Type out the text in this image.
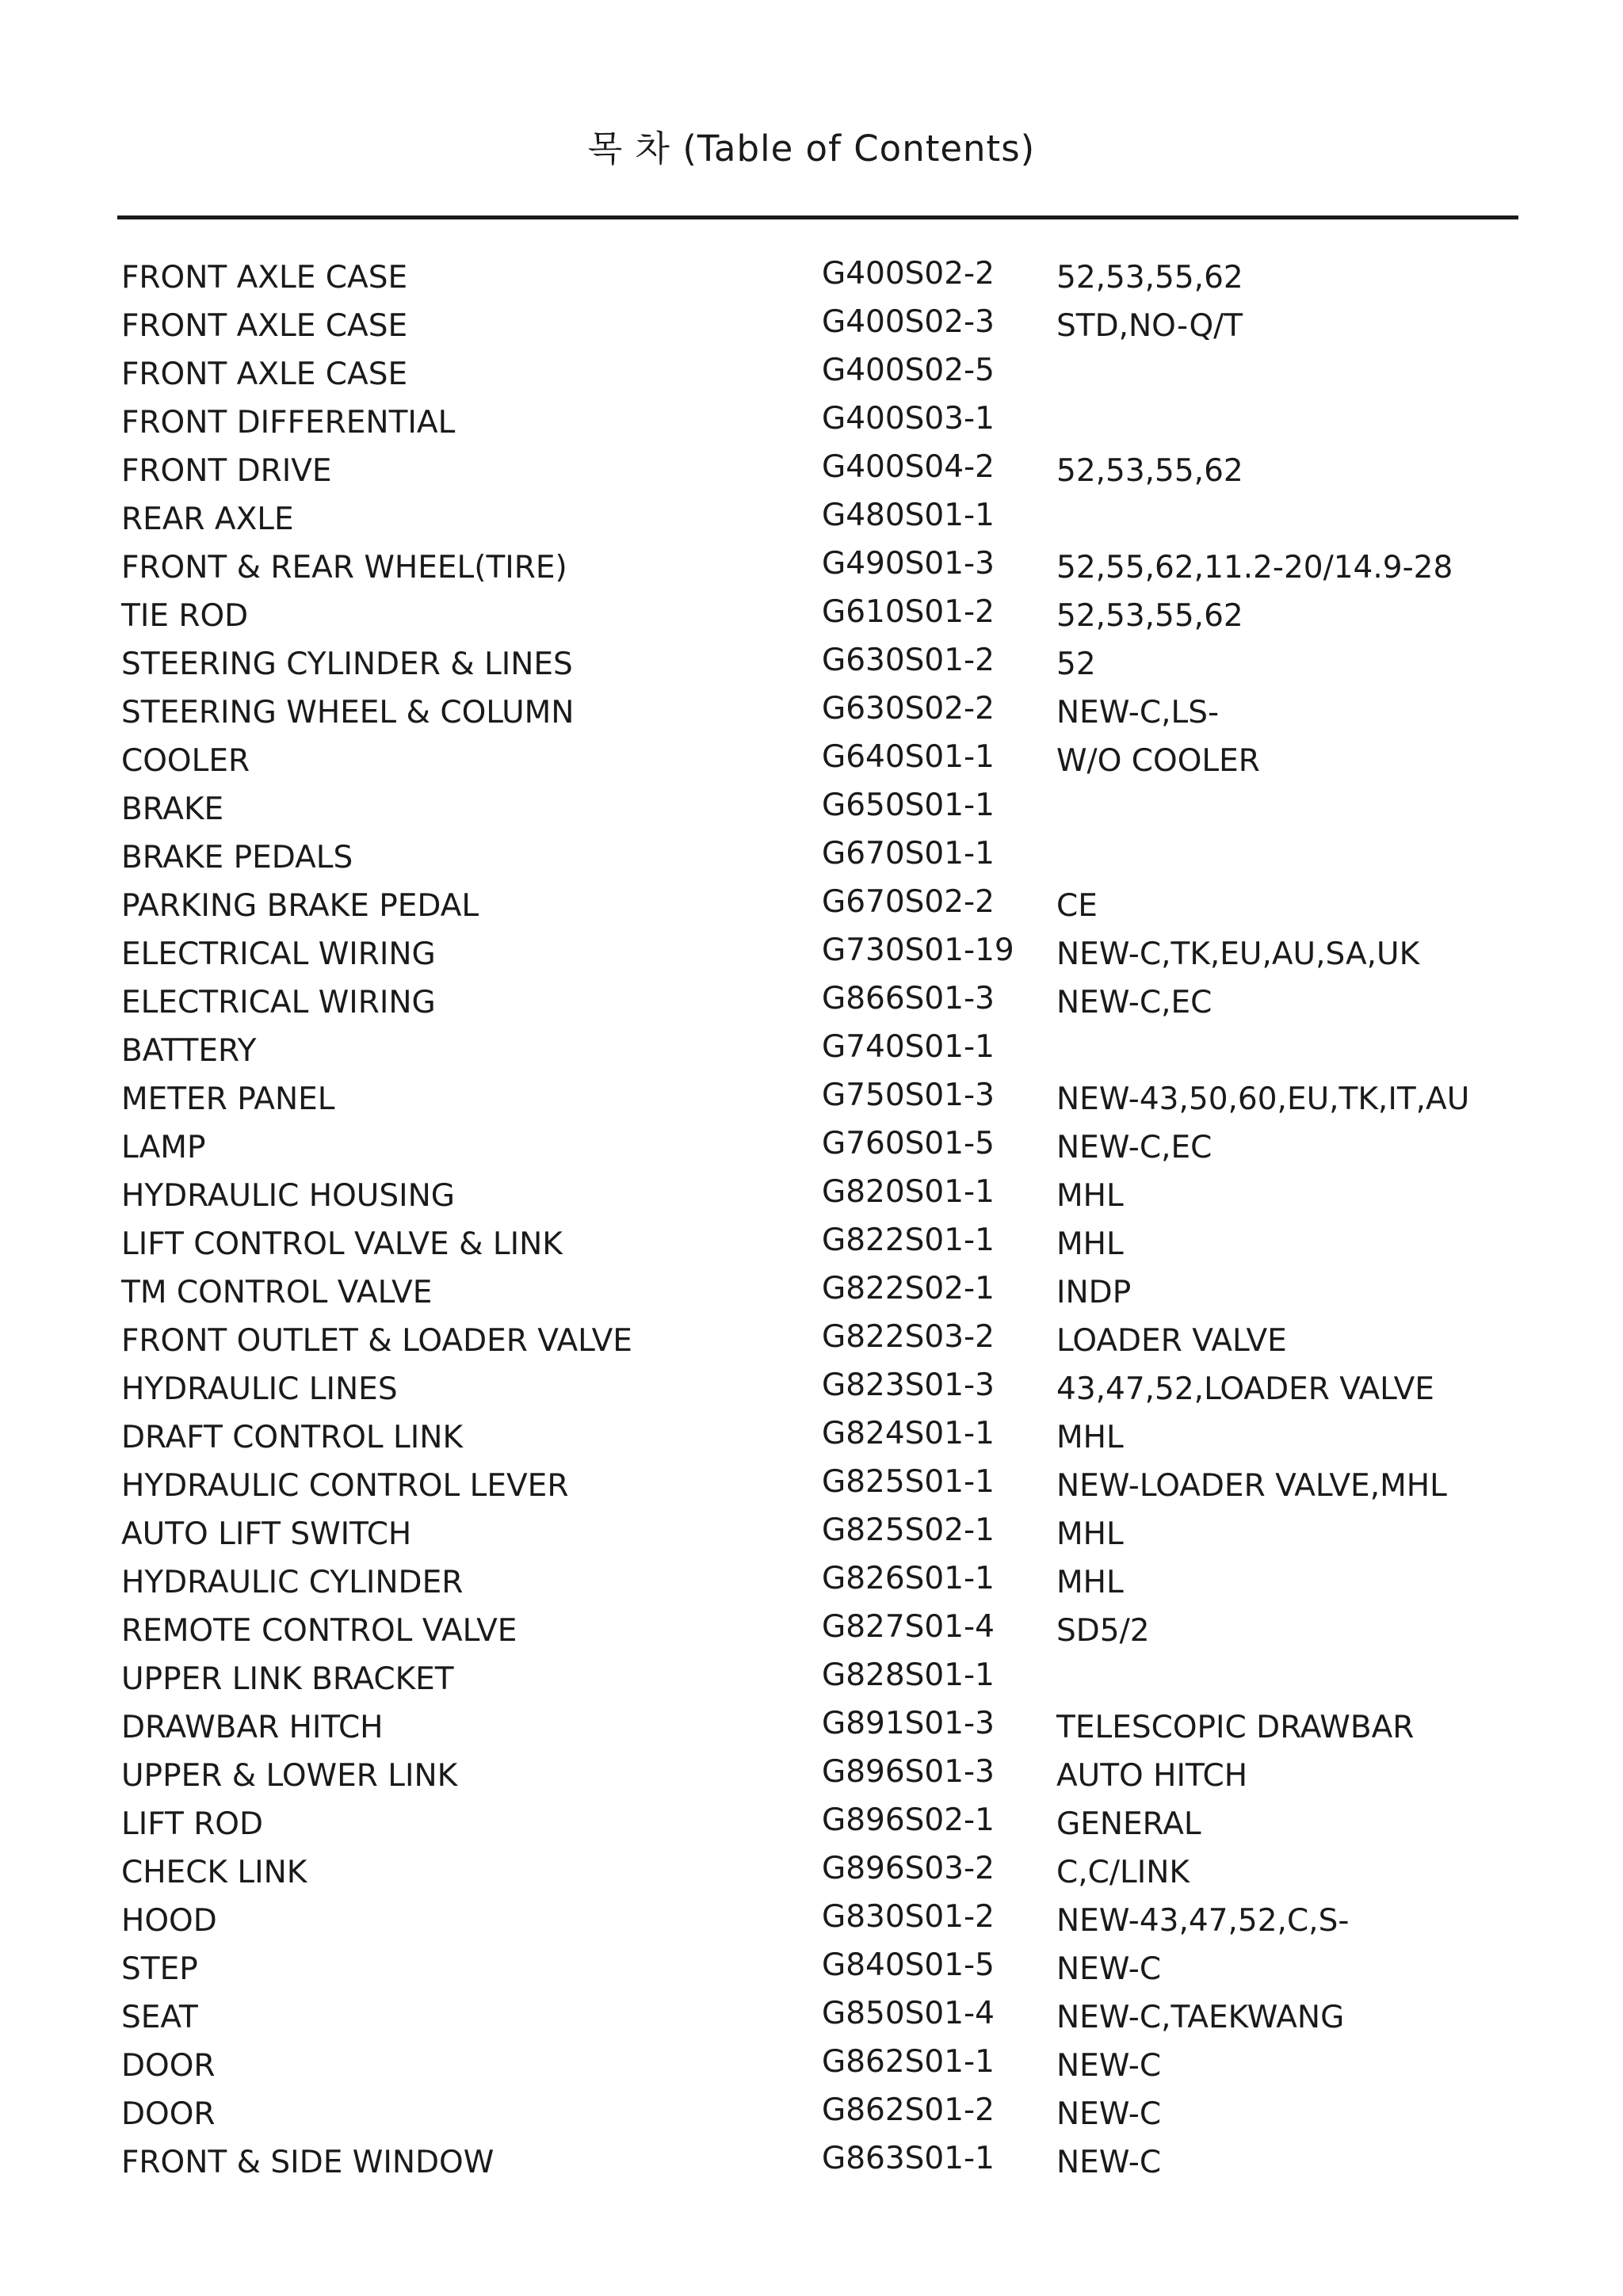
목 차 (Table of Contents)
FRONT AXLE CASE	G400S02-2 52,53,55,62
FRONT AXLE CASE	G400S02-3 STD,NO-Q/T
FRONT AXLE CASE	G400S02-5
FRONT DIFFERENTIAL	G400S03-1
FRONT DRIVE	G400S04-2 52,53,55,62
REAR AXLE	G480S01-1
FRONT & REAR WHEEL(TIRE)	G490S01-3 52,55,62,11.2-20/14.9-28
TIE ROD	G610S01-2 52,53,55,62
STEERING CYLINDER & LINES	G630S01-2 52
STEERING WHEEL & COLUMN	G630S02-2 NEW-C,LS-
COOLER	G640S01-1 W/O COOLER
BRAKE	G650S01-1
BRAKE PEDALS	G670S01-1
PARKING BRAKE PEDAL	G670S02-2 CE
ELECTRICAL WIRING	G730S01-19 NEW-C,TK,EU,AU,SA,UK
ELECTRICAL WIRING	G866S01-3 NEW-C,EC
BATTERY	G740S01-1
METER PANEL	G750S01-3 NEW-43,50,60,EU,TK,IT,AU
LAMP	G760S01-5 NEW-C,EC
HYDRAULIC HOUSING	G820S01-1 MHL
LIFT CONTROL VALVE & LINK	G822S01-1 MHL
TM CONTROL VALVE	G822S02-1 INDP
FRONT OUTLET & LOADER VALVE	G822S03-2 LOADER VALVE
HYDRAULIC LINES	G823S01-3 43,47,52,LOADER VALVE
DRAFT CONTROL LINK	G824S01-1 MHL
HYDRAULIC CONTROL LEVER	G825S01-1 NEW-LOADER VALVE,MHL
AUTO LIFT SWITCH	G825S02-1 MHL
HYDRAULIC CYLINDER	G826S01-1 MHL
REMOTE CONTROL VALVE	G827S01-4 SD5/2
UPPER LINK BRACKET	G828S01-1
DRAWBAR HITCH	G891S01-3 TELESCOPIC DRAWBAR
UPPER & LOWER LINK	G896S01-3 AUTO HITCH
LIFT ROD	G896S02-1 GENERAL
CHECK LINK	G896S03-2 C,C/LINK
HOOD	G830S01-2 NEW-43,47,52,C,S-
STEP	G840S01-5 NEW-C
SEAT	G850S01-4 NEW-C,TAEKWANG
DOOR	G862S01-1 NEW-C
DOOR	G862S01-2 NEW-C
FRONT & SIDE WINDOW	G863S01-1 NEW-C
